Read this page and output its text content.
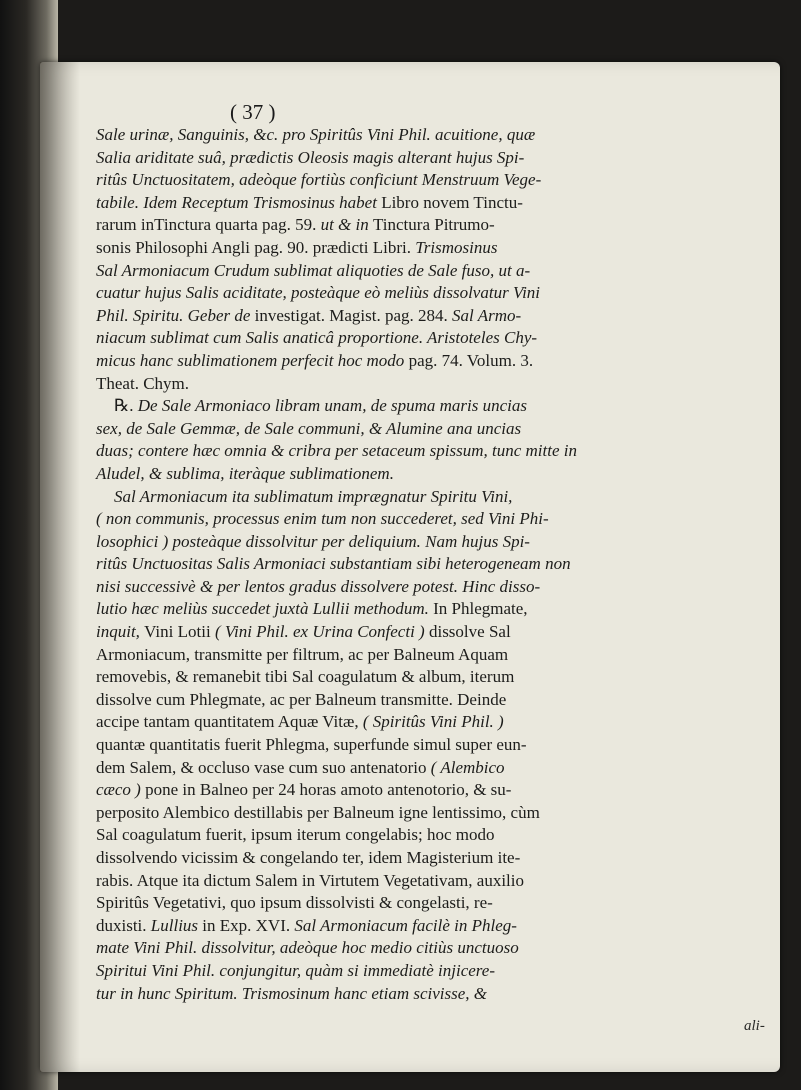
( 37 )
Sale urinæ, Sanguinis, &c. pro Spiritûs Vini Phil. acuitione, quæ
Salia ariditate suâ, prædictis Oleosis magis alterant hujus Spi-
ritûs Unctuositatem, adeòque fortiùs conficiunt Menstruum Vege-
tabile. Idem Receptum Trismosinus habet Libro novem Tinctu-
rarum inTinctura quarta pag. 59. ut & in Tinctura Pitrumo-
sonis Philosophi Angli pag. 90. prædicti Libri. Trismosinus
Sal Armoniacum Crudum sublimat aliquoties de Sale fuso, ut a-
cuatur hujus Salis aciditate, posteàque eò meliùs dissolvatur Vini
Phil. Spiritu. Geber de investigat. Magist. pag. 284. Sal Armo-
niacum sublimat cum Salis anaticâ proportione. Aristoteles Chy-
micus hanc sublimationem perfecit hoc modo pag. 74. Volum. 3.
Theat. Chym.
℞. De Sale Armoniaco libram unam, de spuma maris uncias
sex, de Sale Gemmæ, de Sale communi, & Alumine ana uncias
duas; contere hæc omnia & cribra per setaceum spissum, tunc mitte in
Aludel, & sublima, iteràque sublimationem.
Sal Armoniacum ita sublimatum imprægnatur Spiritu Vini,
( non communis, processus enim tum non succederet, sed Vini Phi-
losophici ) posteàque dissolvitur per deliquium. Nam hujus Spi-
ritûs Unctuositas Salis Armoniaci substantiam sibi heterogeneam non
nisi successivè & per lentos gradus dissolvere potest. Hinc disso-
lutio hæc meliùs succedet juxtà Lullii methodum. In Phlegmate,
inquit, Vini Lotii ( Vini Phil. ex Urina Confecti ) dissolve Sal
Armoniacum, transmitte per filtrum, ac per Balneum Aquam
removebis, & remanebit tibi Sal coagulatum & album, iterum
dissolve cum Phlegmate, ac per Balneum transmitte. Deinde
accipe tantam quantitatem Aquæ Vitæ, ( Spiritûs Vini Phil. )
quantæ quantitatis fuerit Phlegma, superfunde simul super eun-
dem Salem, & occluso vase cum suo antenatorio ( Alembico
cæco ) pone in Balneo per 24 horas amoto antenotorio, & su-
perposito Alembico destillabis per Balneum igne lentissimo, cùm
Sal coagulatum fuerit, ipsum iterum congelabis; hoc modo
dissolvendo vicissim & congelando ter, idem Magisterium ite-
rabis. Atque ita dictum Salem in Virtutem Vegetativam, auxilio
Spiritûs Vegetativi, quo ipsum dissolvisti & congelasti, re-
duxisti. Lullius in Exp. XVI. Sal Armoniacum facilè in Phleg-
mate Vini Phil. dissolvitur, adeòque hoc medio citiùs unctuoso
Spiritui Vini Phil. conjungitur, quàm si immediatè injicere-
tur in hunc Spiritum. Trismosinum hanc etiam scivisse, &
ali-
